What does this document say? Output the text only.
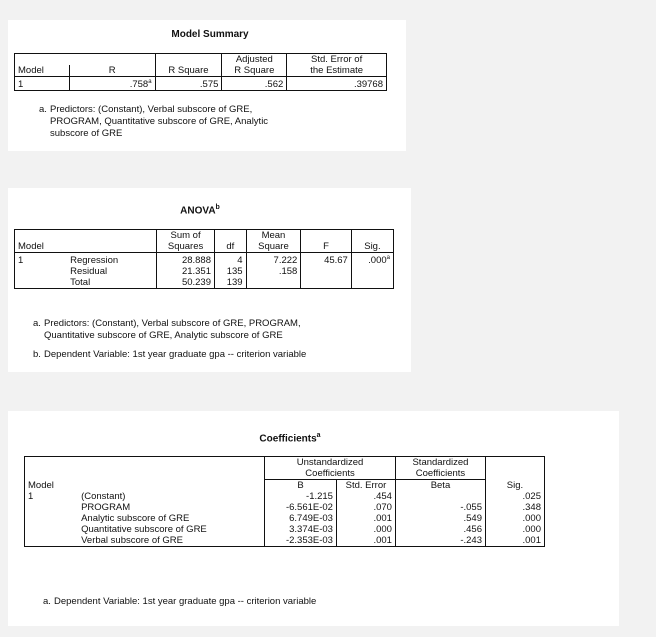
Model Summary
			Adjusted	Std. Error of
Model	R	R Square	R Square	the Estimate
1	.758$^a$	.575	.562	.39768
a. Predictors: (Constant), Verbal subscore of GRE,
PROGRAM, Quantitative subscore of GRE, Analytic
subscore of GRE
ANOVA$^b$
		Sum of		Mean		
Model		Squares	df	Square	F	Sig.
1	Regression	28.888	4	7.222	45.67	.000$^a$
	Residual	21.351	135	.158		
	Total	50.239	139			
a. Predictors: (Constant), Verbal subscore of GRE, PROGRAM,
Quantitative subscore of GRE, Analytic subscore of GRE
b. Dependent Variable: 1st year graduate gpa -- criterion variable
Coefficients$^a$
		Unstandardized		Standardized	
		Coefficients		Coefficients	
Model		B	Std. Error	Beta	Sig.
1	(Constant)	-1.215	.454		.025
	PROGRAM	-6.561E-02	.070	-.055	.348
	Analytic subscore of GRE	6.749E-03	.001	.549	.000
	Quantitative subscore of GRE	3.374E-03	.000	.456	.000
	Verbal subscore of GRE	-2.353E-03	.001	-.243	.001
a. Dependent Variable: 1st year graduate gpa -- criterion variable
